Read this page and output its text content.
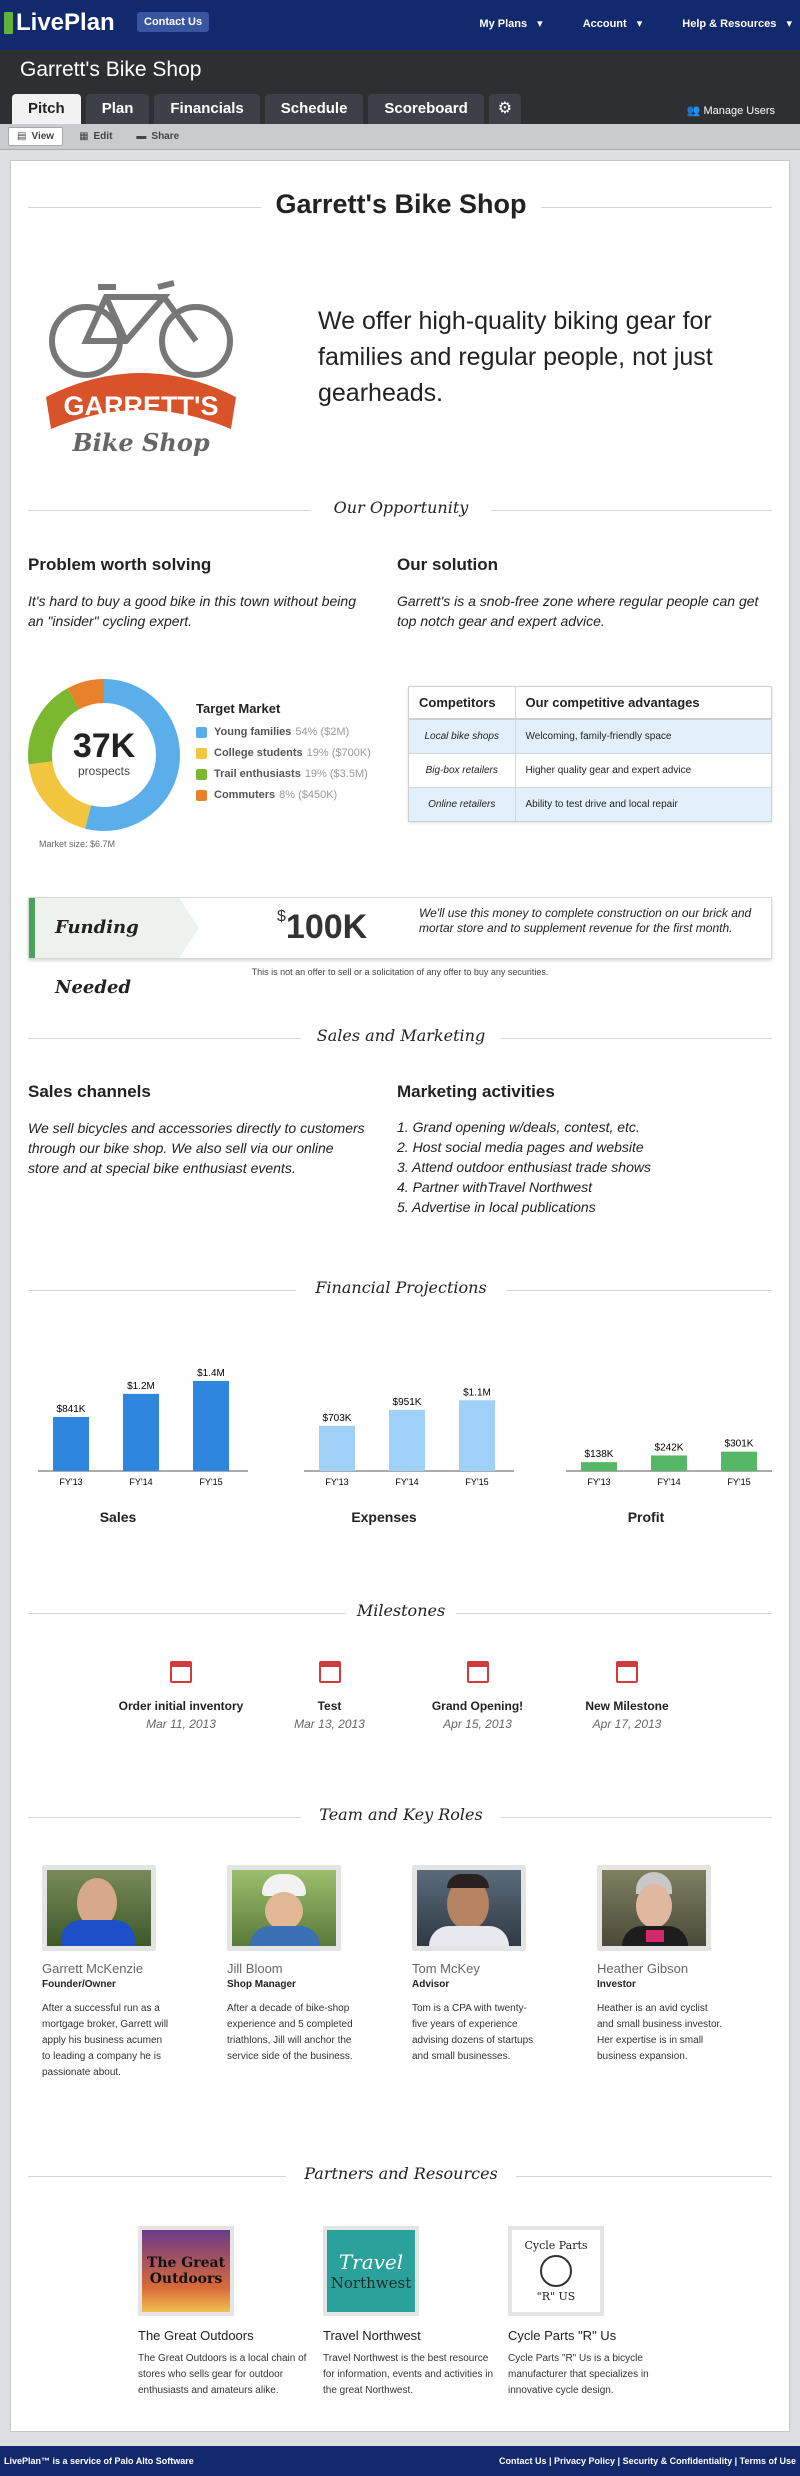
LivePlan	Contact Us	My Plans ▾	Account ▾	Help & Resources ▾
Garrett's Bike Shop
Pitch	Plan	Financials	Schedule	Scoreboard	⚙	👥 Manage Users
▤ View	▦ Edit ▬ Share
Garrett's Bike Shop
GARRETT'S
Bike Shop
We offer high-quality biking gear for families and regular people, not just gearheads.
Our Opportunity
Problem worth solving
It's hard to buy a good bike in this town without being an "insider" cycling expert.
Our solution
Garrett's is a snob-free zone where regular people can get top notch gear and expert advice.
37K
prospects
Market size: $6.7M
Target Market
Young families 54% ($2M)
College students 19% ($700K)
Trail enthusiasts 19% ($3.5M)
Commuters 8% ($450K)
Competitors	Our competitive advantages
Local bike shops	Welcoming, family-friendly space
Big-box retailers	Higher quality gear and expert advice
Online retailers	Ability to test drive and local repair
Funding Needed
$100K	We'll use this money to complete construction on our brick and mortar store and to supplement revenue for the first month.
This is not an offer to sell or a solicitation of any offer to buy any securities.
Sales and Marketing
Sales channels
We sell bicycles and accessories directly to customers through our bike shop. We also sell via our online store and at special bike enthusiast events.
Marketing activities
1. Grand opening w/deals, contest, etc.
2. Host social media pages and website
3. Attend outdoor enthusiast trade shows
4. Partner withTravel Northwest
5. Advertise in local publications
Financial Projections
$841K
FY'13
$1.2M
FY'14
$1.4M
FY'15
$703K
FY'13
$951K
FY'14
$1.1M
FY'15
$138K
FY'13
$242K
FY'14
$301K
FY'15
Sales	Expenses	Profit
Milestones
Order initial inventory
Mar 11, 2013
Test
Mar 13, 2013
Grand Opening!
Apr 15, 2013
New Milestone
Apr 17, 2013
Team and Key Roles
Garrett McKenzie
Founder/Owner
After a successful run as a mortgage broker, Garrett will apply his business acumen to leading a company he is passionate about.
Jill Bloom
Shop Manager
After a decade of bike-shop experience and 5 completed triathlons, Jill will anchor the service side of the business.
Tom McKey
Advisor
Tom is a CPA with twenty-five years of experience advising dozens of startups and small businesses.
Heather Gibson
Investor
Heather is an avid cyclist and small business investor. Her expertise is in small business expansion.
Partners and Resources
The Great Outdoors
The Great Outdoors
The Great Outdoors is a local chain of stores who sells gear for outdoor enthusiasts and amateurs alike.
Travel
Northwest
Travel Northwest
Travel Northwest is the best resource for information, events and activities in the great Northwest.
Cycle Parts
"R" US
Cycle Parts "R" Us
Cycle Parts "R" Us is a bicycle manufacturer that specializes in innovative cycle design.
LivePlan™ is a service of Palo Alto Software	Contact Us | Privacy Policy | Security & Confidentiality | Terms of Use
